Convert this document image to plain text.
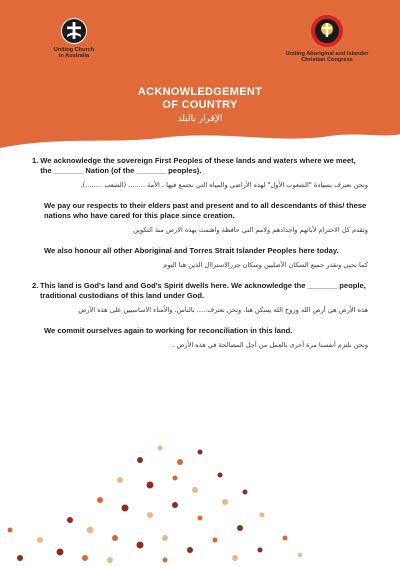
Uniting Church
in Australia	Uniting Aboriginal and Islander
Christian Congress
ACKNOWLEDGEMENT
OF COUNTRY
الإقرار بالبلد
1. We acknowledge the sovereign First Peoples of these lands and waters where we meet, the _______ Nation (of the _______ peoples).
ونحن نعترف بسيادة "الشعوب الأول" لهذه الأراضي والمياه التي نجتمع فيها ، الأمة ........ (الشعب ........).
We pay our respects to their elders past and present and to all descendants of this/ these nations who have cared for this place since creation.
وتقدم كل الاحترام لآبائهم واجدادهم ولامم التي حافظة واهتمت بهذه الارض منذ التكوين
We also honour all other Aboriginal and Torres Strait Islander Peoples here today.
كما نحيي ونقدر جميع السكان الأصليين وسكان جزرالاستراال الذين هنا اليوم
2. This land is God's land and God's Spirit dwells here. We acknowledge the _______ people, traditional custodians of this land under God.
هذه الأرض هي أرض الله وروح الله يسكن هنا. ونحن نعترف..... بالناس، والأمناء الاساسيين على هذه الأرض
We commit ourselves again to working for reconciliation in this land.
ونحن نلتزم أنفسنا مرة أخرى بالعمل من أجل المصالحة في هذه الأرض .
